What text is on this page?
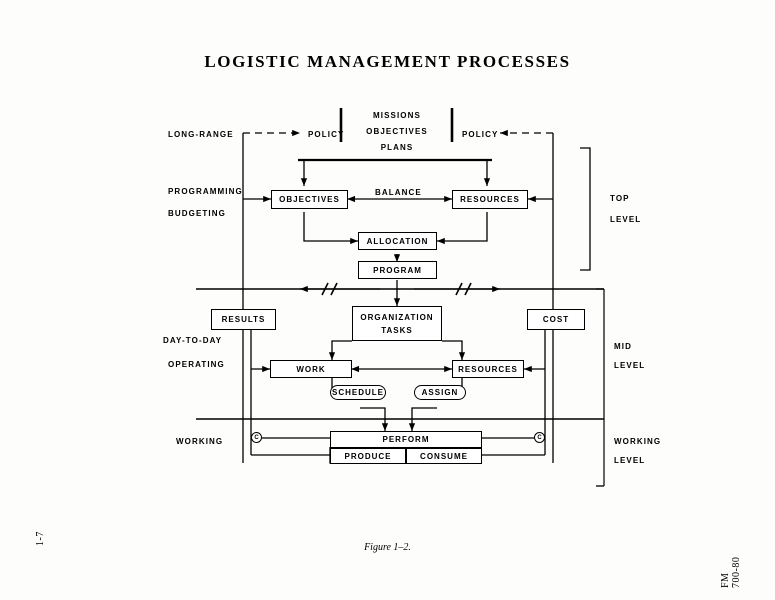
LOGISTIC MANAGEMENT PROCESSES
1-7
FM 700-80
Figure 1–2.
LONG-RANGE
PROGRAMMING
BUDGETING
DAY-TO-DAY
OPERATING
WORKING
TOP
LEVEL
MID
LEVEL
WORKING
LEVEL
POLICY	POLICY
MISSIONS
OBJECTIVES
PLANS
BALANCE
OBJECTIVES	RESOURCES
ALLOCATION
PROGRAM
RESULTS	COST
ORGANIZATION
TASKS
WORK	RESOURCES
SCHEDULE	ASSIGN
PERFORM
PRODUCE	CONSUME
C	C
